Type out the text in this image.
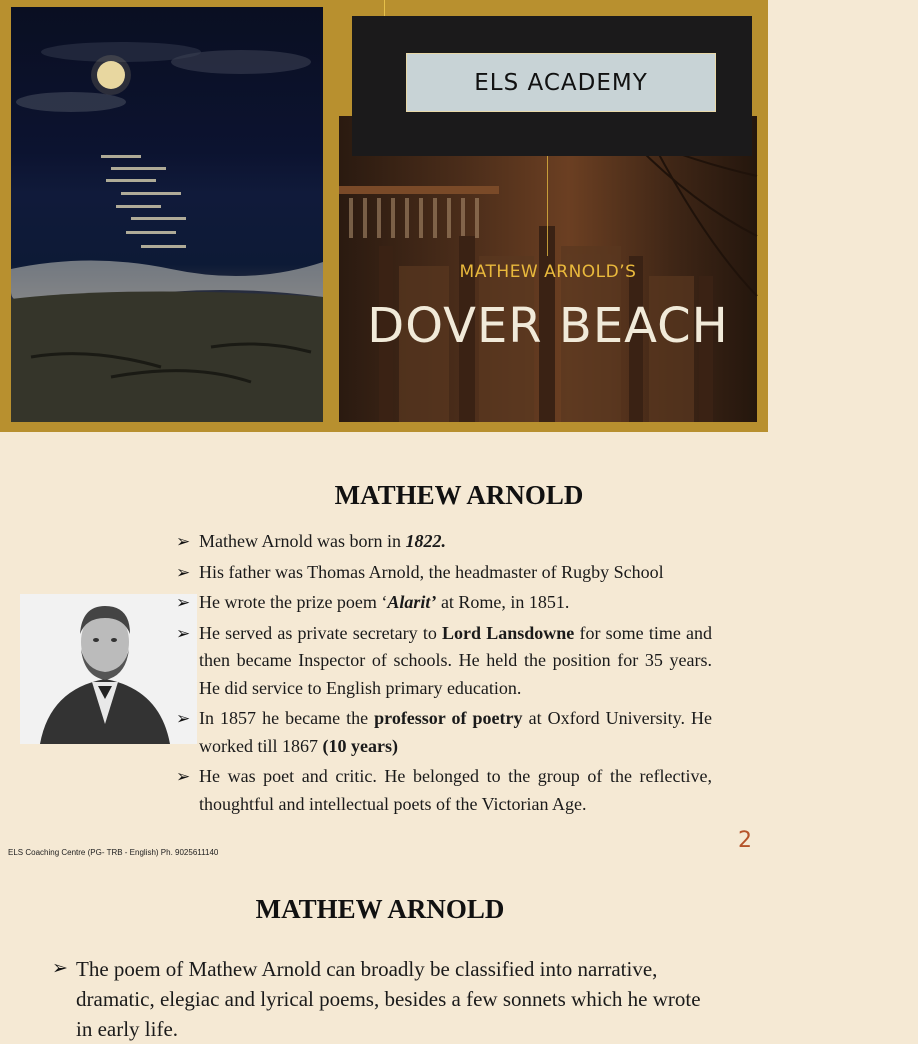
ELS ACADEMY
MATHEW ARNOLD’S
DOVER BEACH
MATHEW ARNOLD
➢ Mathew Arnold was born in 1822.
➢ His father was Thomas Arnold, the headmaster of Rugby School
➢ He wrote the prize poem ‘Alarit’ at Rome, in 1851.
➢ He served as private secretary to Lord Lansdowne for some time and then became Inspector of schools. He held the position for 35 years. He did service to English primary education.
➢ In 1857 he became the professor of poetry at Oxford University. He worked till 1867 (10 years)
➢ He was poet and critic. He belonged to the group of the reflective, thoughtful and intellectual poets of the Victorian Age.
ELS Coaching Centre (PG- TRB - English) Ph. 9025611140	2
MATHEW ARNOLD
➢ The poem of Mathew Arnold can broadly be classified into narrative, dramatic, elegiac and lyrical poems, besides a few sonnets which he wrote in early life.
